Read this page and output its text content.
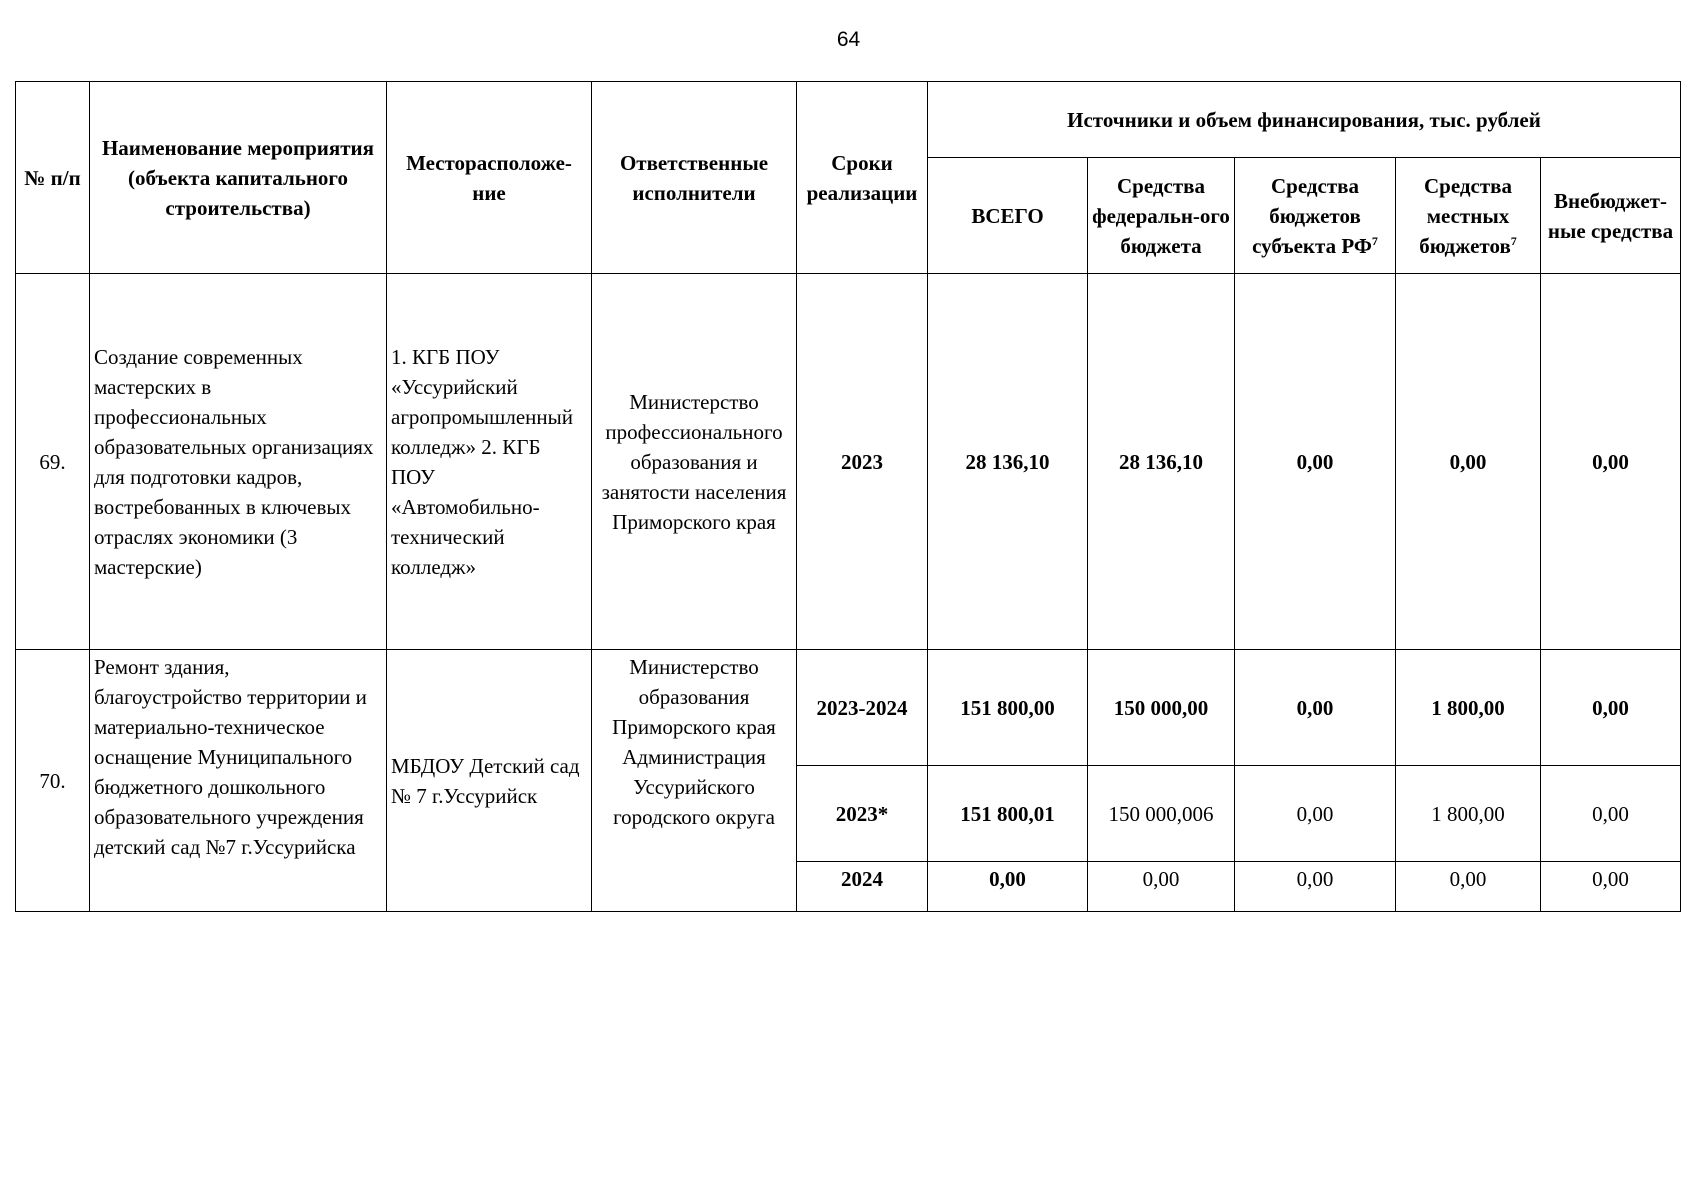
64
№ п/п	Наименование мероприятия (объекта капитального строительства)	Месторасположе-ние	Ответственные исполнители	Сроки реализации	Источники и объем финансирования, тыс. рублей				
					ВСЕГО	Средства федеральн-ого бюджета	Средства бюджетов субъекта $РФ^7$	Средства местных бюджетов$^7$	Внебюджет-ные средства
69.	Создание современных мастерских в профессиональных образовательных организациях для подготовки кадров, востребованных в ключевых отраслях экономики (3 мастерские)	1. КГБ ПОУ «Уссурийский агропромышленный колледж» 2. КГБ ПОУ «Автомобильно-технический колледж»	Министерство профессионального образования и занятости населения Приморского края	2023	28 136,10	28 136,10	0,00	0,00	0,00
70.	Ремонт здания, благоустройство территории и материально-техническое оснащение Муниципального бюджетного дошкольного образовательного учреждения детский сад №7 г.Уссурийска	МБДОУ Детский сад № 7 г.Уссурийск	Министерство образования Приморского края Администрация Уссурийского городского округа	2023-2024	151 800,00	150 000,00	0,00	1 800,00	0,00
				2023*	151 800,01	150 000,006	0,00	1 800,00	0,00
				2024	0,00	0,00	0,00	0,00	0,00
